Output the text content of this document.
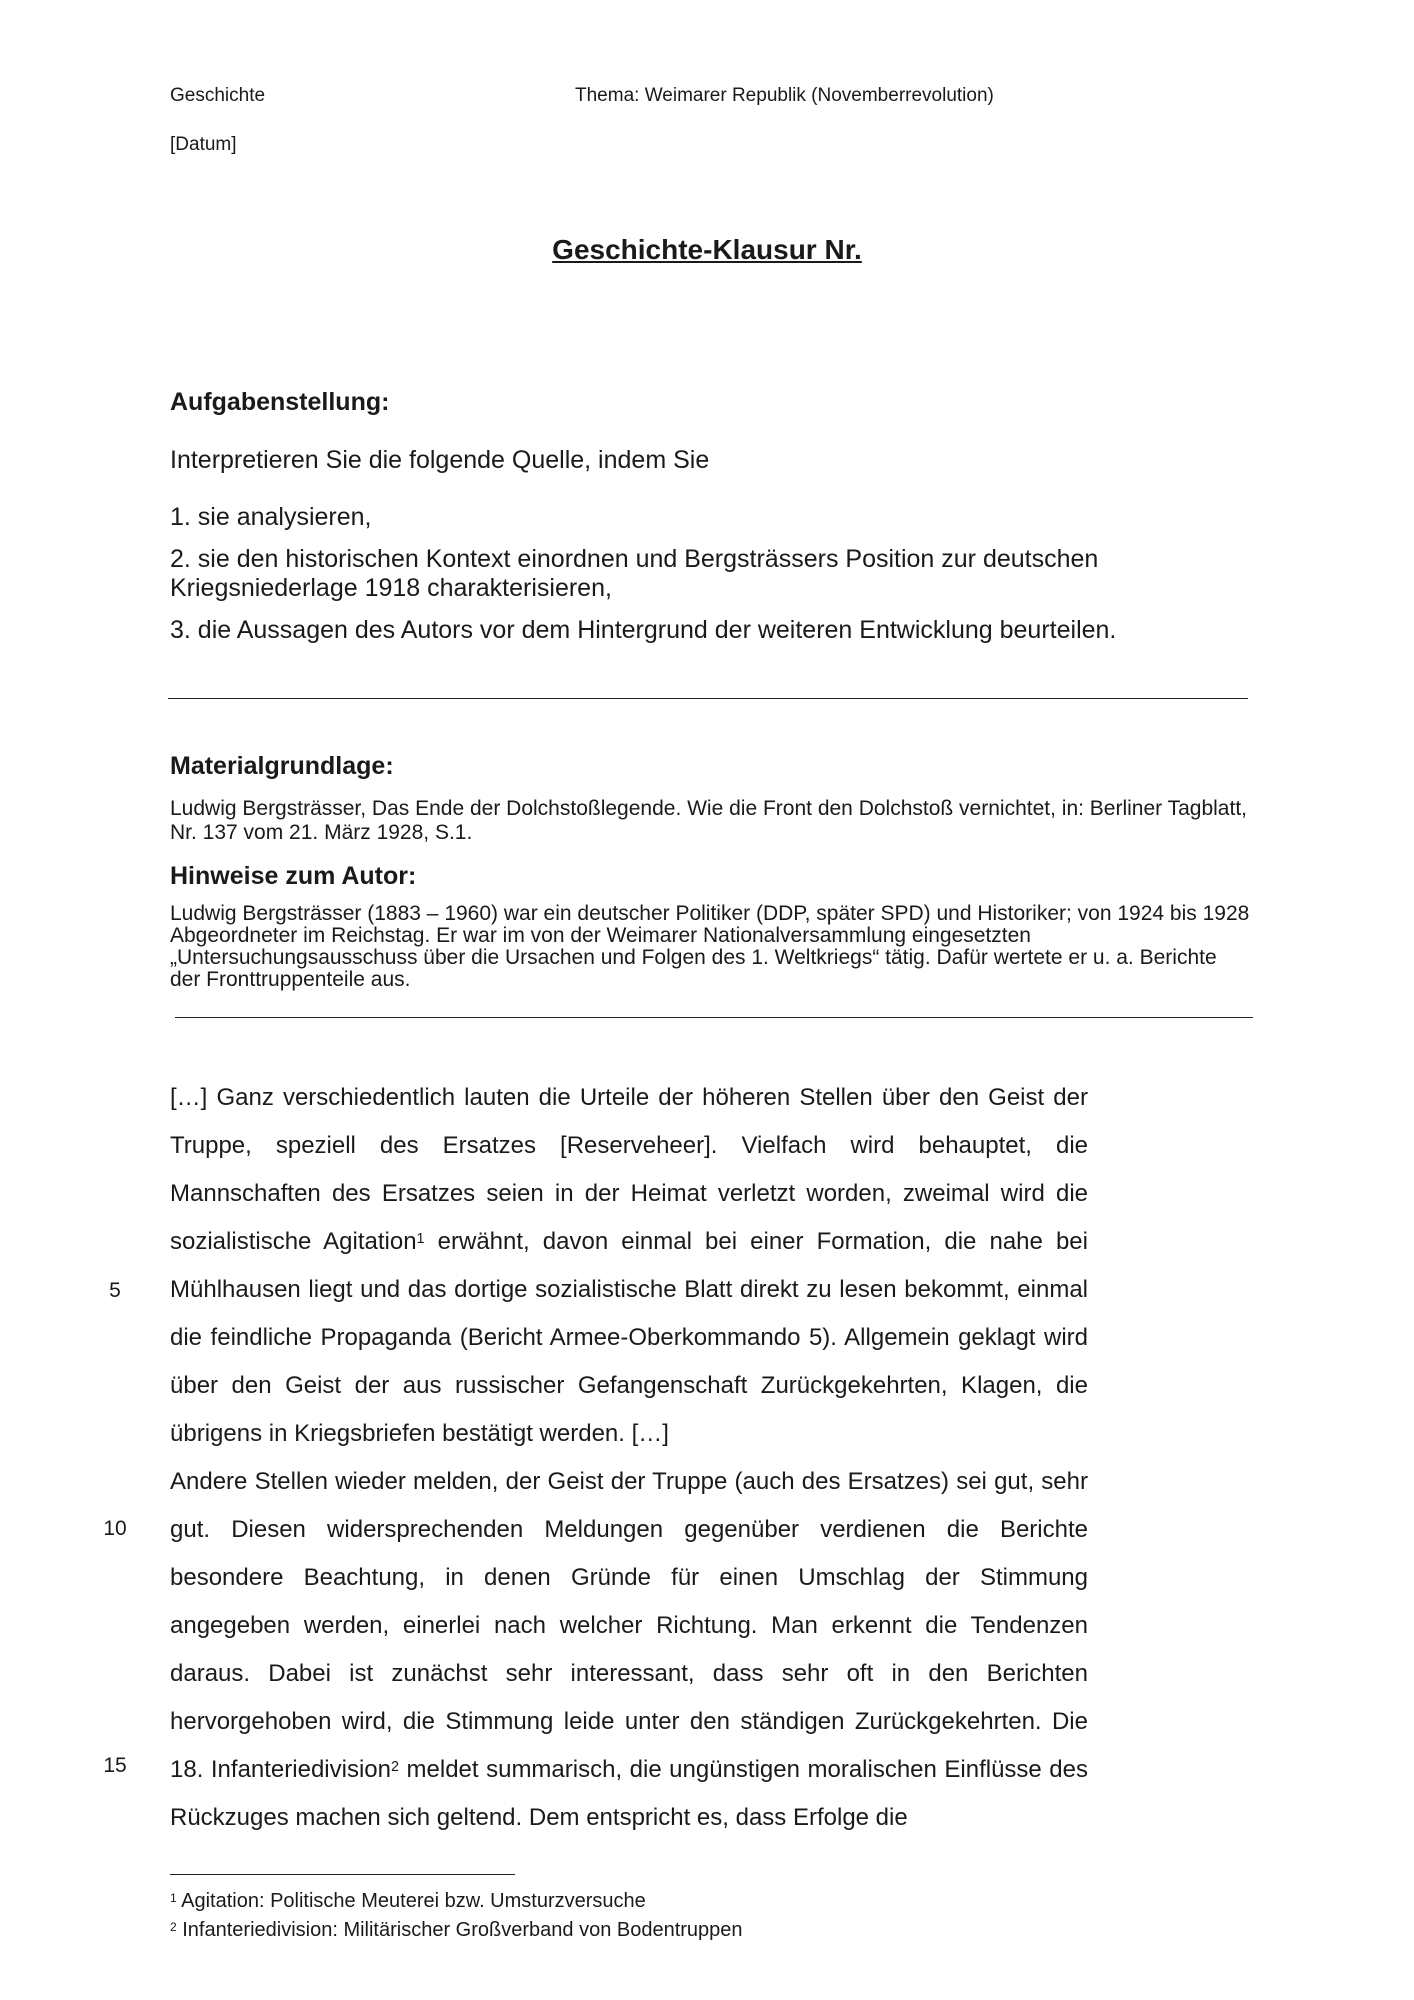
Geschichte	Thema: Weimarer Republik (Novemberrevolution)
[Datum]
Geschichte-Klausur Nr.
Aufgabenstellung:
Interpretieren Sie die folgende Quelle, indem Sie
1. sie analysieren,
2. sie den historischen Kontext einordnen und Bergsträssers Position zur deutschen Kriegsniederlage 1918 charakterisieren,
3. die Aussagen des Autors vor dem Hintergrund der weiteren Entwicklung beurteilen.
Materialgrundlage:
Ludwig Bergsträsser, Das Ende der Dolchstoßlegende. Wie die Front den Dolchstoß vernichtet, in: Berliner Tagblatt, Nr. 137 vom 21. März 1928, S.1.
Hinweise zum Autor:
Ludwig Bergsträsser (1883 – 1960) war ein deutscher Politiker (DDP, später SPD) und Historiker; von 1924 bis 1928 Abgeordneter im Reichstag. Er war im von der Weimarer Nationalversammlung eingesetzten „Untersuchungsausschuss über die Ursachen und Folgen des 1. Weltkriegs“ tätig. Dafür wertete er u. a. Berichte der Fronttruppenteile aus.

[…] Ganz verschiedentlich lauten die Urteile der höheren Stellen über den Geist der Truppe, speziell des Ersatzes [Reserveheer]. Vielfach wird behauptet, die Mannschaften des Ersatzes seien in der Heimat verletzt worden, zweimal wird die sozialistische Agitation$^1$ erwähnt, davon einmal bei einer Formation, die nahe bei Mühlhausen liegt und das dortige sozialistische Blatt direkt zu lesen bekommt, einmal die feindliche Propaganda (Bericht Armee-Oberkommando 5). Allgemein geklagt wird über den Geist der aus russischer Gefangenschaft Zurückgekehrten, Klagen, die übrigens in Kriegsbriefen bestätigt werden. […]

Andere Stellen wieder melden, der Geist der Truppe (auch des Ersatzes) sei gut, sehr gut. Diesen widersprechenden Meldungen gegenüber verdienen die Berichte besondere Beachtung, in denen Gründe für einen Umschlag der Stimmung angegeben werden, einerlei nach welcher Richtung. Man erkennt die Tendenzen daraus. Dabei ist zunächst sehr interessant, dass sehr oft in den Berichten hervorgehoben wird, die Stimmung leide unter den ständigen Zurückgekehrten. Die 18. Infanteriedivision$^2$ meldet summarisch, die ungünstigen moralischen Einflüsse des Rückzuges machen sich geltend. Dem entspricht es, dass Erfolge die

5
10
15
$^1$ Agitation: Politische Meuterei bzw. Umsturzversuche
$^2$ Infanteriedivision: Militärischer Großverband von Bodentruppen
